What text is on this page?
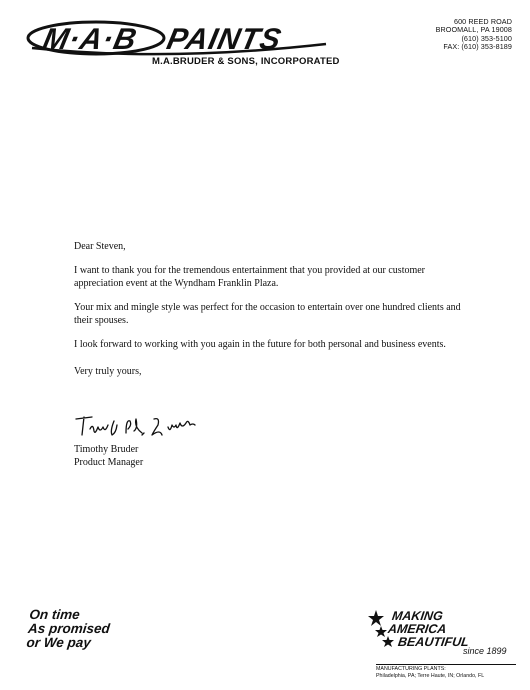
M·A·B PAINTS
M.A.BRUDER & SONS, INCORPORATED
600 REED ROAD
BROOMALL, PA 19008
(610) 353-5100
FAX: (610) 353-8189

Dear Steven,

I want to thank you for the tremendous entertainment that you provided at our customer appreciation event at the Wyndham Franklin Plaza.

Your mix and mingle style was perfect for the occasion to entertain over one hundred clients and their spouses.

I look forward to working with you again in the future for both personal and business events.

Very truly yours,

Timothy Bruder
Product Manager
On time
As promised
or We pay
MAKING
AMERICA
BEAUTIFUL
since 1899
MANUFACTURING PLANTS:
Philadelphia, PA; Terre Haute, IN; Orlando, FL
